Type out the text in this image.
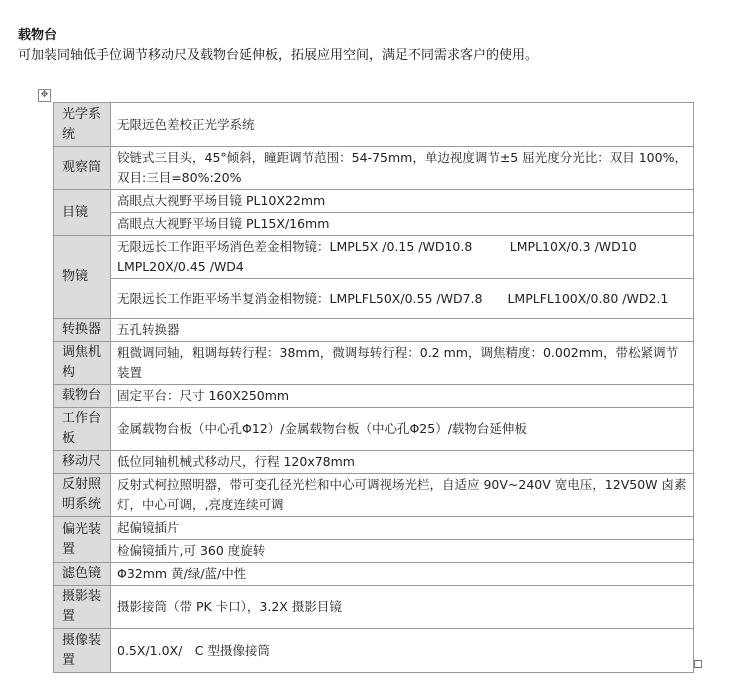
载物台
可加装同轴低手位调节移动尺及载物台延伸板，拓展应用空间，满足不同需求客户的使用。
✥
光学系统	无限远色差校正光学系统
观察筒	铰链式三目头，45°倾斜，瞳距调节范围：54-75mm，单边视度调节±5 屈光度分光比：双目 100%，双目:三目=80%:20%
目镜	高眼点大视野平场目镜 PL10X22mm
	高眼点大视野平场目镜 PL15X/16mm
物镜	无限远长工作距平场消色差金相物镜：LMPL5X /0.15 /WD10.8　　　LMPL10X/0.3 /WD10　　　LMPL20X/0.45 /WD4
	无限远长工作距平场半复消金相物镜：LMPLFL50X/0.55 /WD7.8　　LMPLFL100X/0.80 /WD2.1
转换器	五孔转换器
调焦机构	粗微调同轴，粗调每转行程：38mm，微调每转行程：0.2 mm，调焦精度：0.002mm，带松紧调节装置
载物台	固定平台：尺寸 160X250mm
工作台板	金属载物台板（中心孔Φ12）/金属载物台板（中心孔Φ25）/载物台延伸板
移动尺	低位同轴机械式移动尺，行程 120x78mm
反射照明系统	反射式柯拉照明器，带可变孔径光栏和中心可调视场光栏，自适应 90V~240V 宽电压，12V50W 卤素灯，中心可调，,亮度连续可调
偏光装置	起偏镜插片
	检偏镜插片,可 360 度旋转
滤色镜	Φ32mm 黄/绿/蓝/中性
摄影装置	摄影接筒（带 PK 卡口），3.2X 摄影目镜
摄像装置	0.5X/1.0X/　C 型摄像接筒
